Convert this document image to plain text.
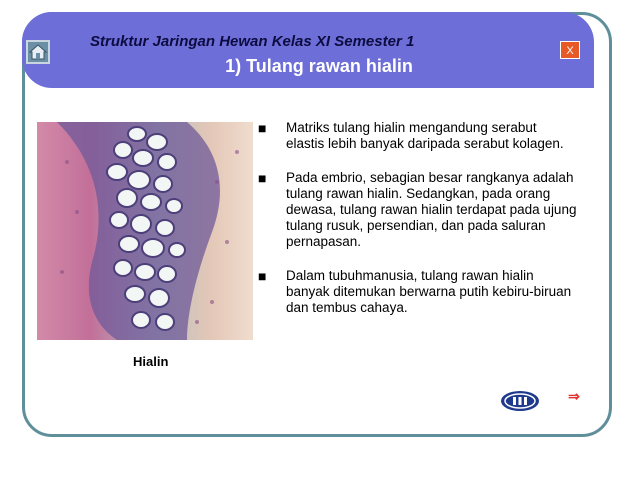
Struktur Jaringan Hewan Kelas XI Semester 1

1) Tulang rawan hialin

X

Hialin

■ Matriks tulang hialin mengandung serabut elastis lebih banyak daripada serabut kolagen.
■ Pada embrio, sebagian besar rangkanya adalah tulang rawan hialin. Sedangkan, pada orang dewasa, tulang rawan hialin terdapat pada ujung tulang rusuk, persendian, dan pada saluran pernapasan.
■ Dalam tubuhmanusia, tulang rawan hialin banyak ditemukan berwarna putih kebiru-biruan dan tembus cahaya.
⇒
